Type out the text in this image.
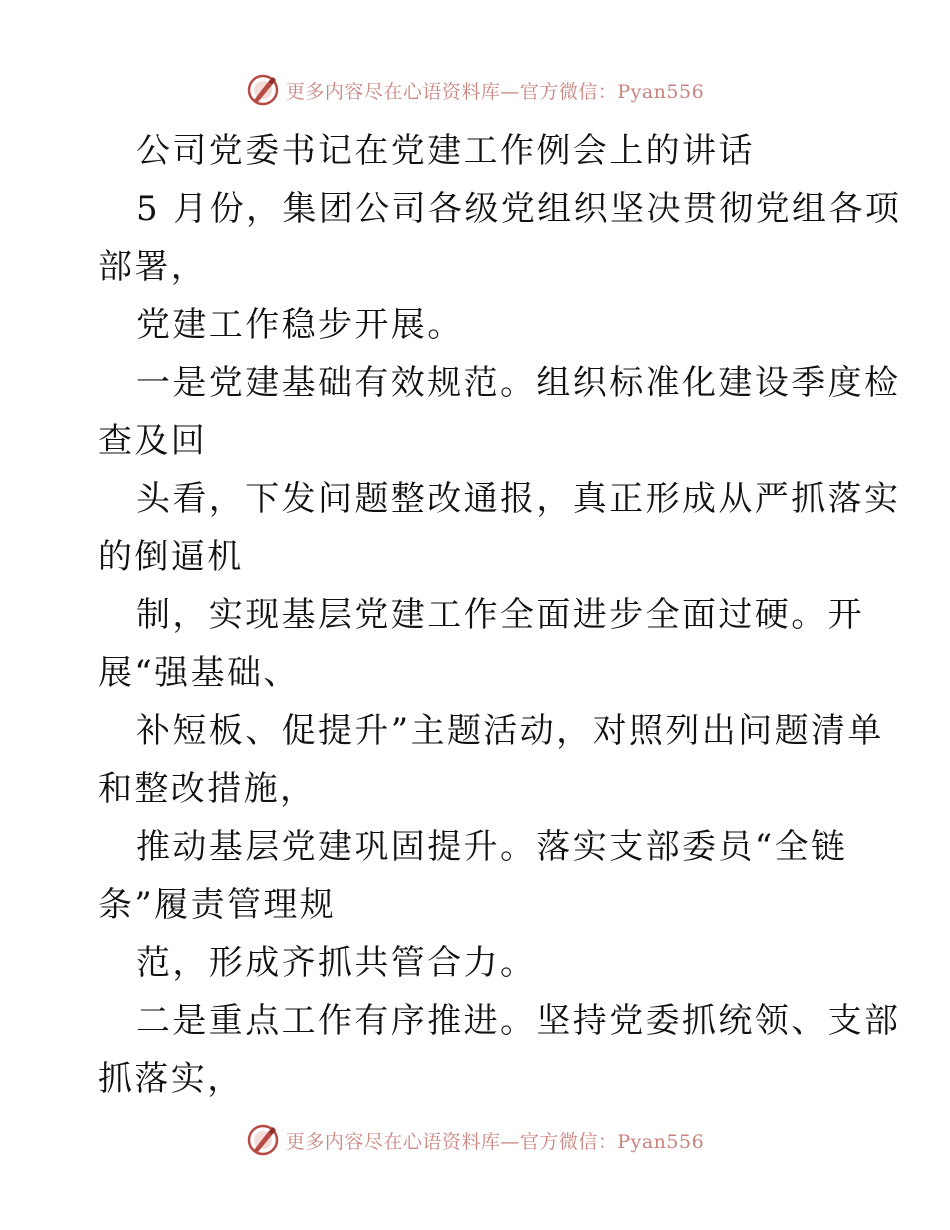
更多内容尽在心语资料库—官方微信：Pyan556

公司党委书记在党建工作例会上的讲话

5 月份，集团公司各级党组织坚决贯彻党组各项

部署，

党建工作稳步开展。

一是党建基础有效规范。组织标准化建设季度检

查及回

头看，下发问题整改通报，真正形成从严抓落实

的倒逼机

制，实现基层党建工作全面进步全面过硬。开

展“强基础、

补短板、促提升”主题活动，对照列出问题清单

和整改措施，

推动基层党建巩固提升。落实支部委员“全链

条”履责管理规

范，形成齐抓共管合力。

二是重点工作有序推进。坚持党委抓统领、支部

抓落实，

更多内容尽在心语资料库—官方微信：Pyan556
